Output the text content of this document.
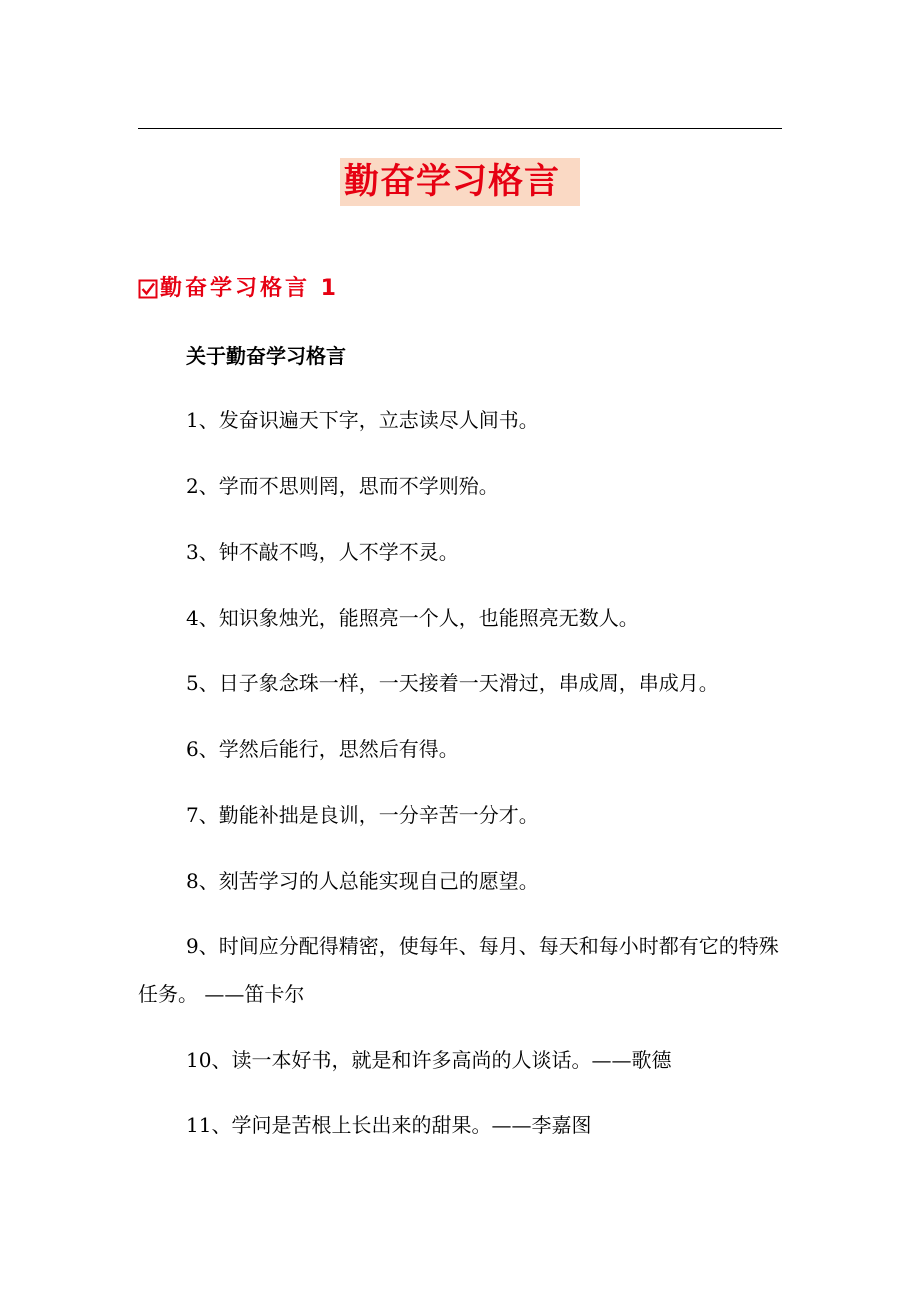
勤奋学习格言
勤奋学习格言 1
关于勤奋学习格言
1、发奋识遍天下字，立志读尽人间书。
2、学而不思则罔，思而不学则殆。
3、钟不敲不鸣，人不学不灵。
4、知识象烛光，能照亮一个人，也能照亮无数人。
5、日子象念珠一样，一天接着一天滑过，串成周，串成月。
6、学然后能行，思然后有得。
7、勤能补拙是良训，一分辛苦一分才。
8、刻苦学习的人总能实现自己的愿望。
9、时间应分配得精密，使每年、每月、每天和每小时都有它的特殊任务。 ——笛卡尔
10、读一本好书，就是和许多高尚的人谈话。——歌德
11、学问是苦根上长出来的甜果。——李嘉图
